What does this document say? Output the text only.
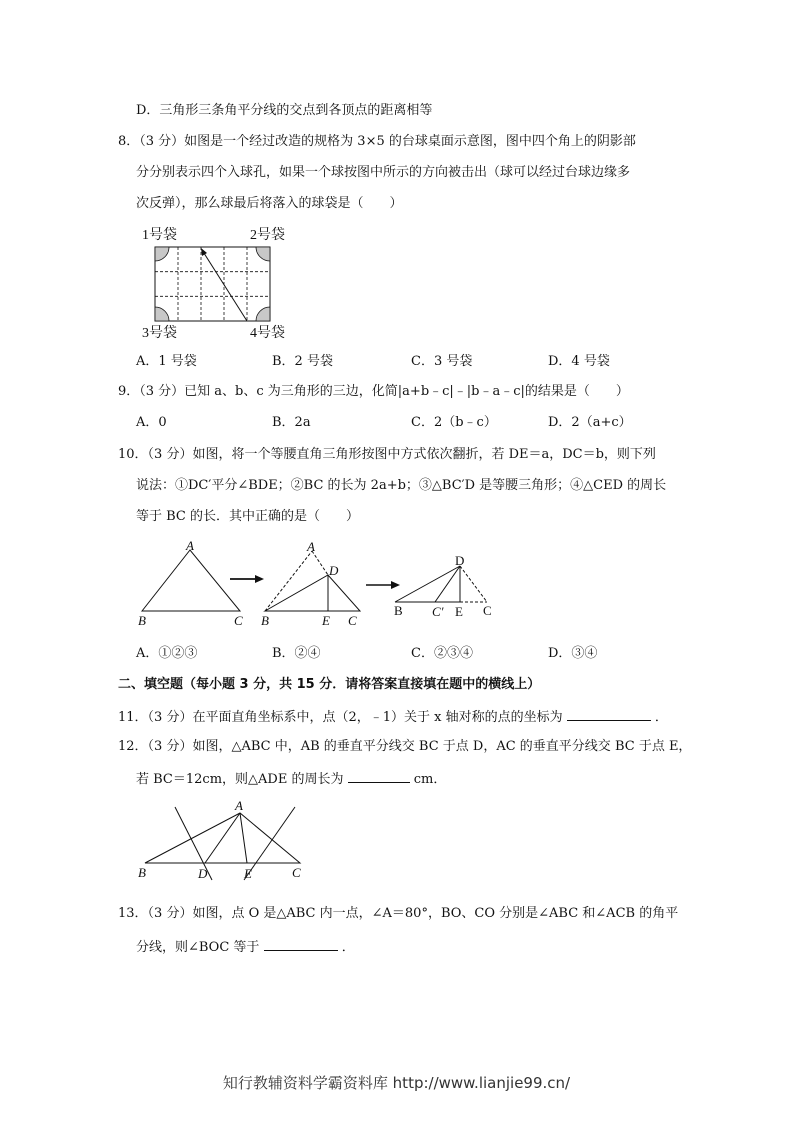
D．三角形三条角平分线的交点到各顶点的距离相等
8．（3 分）如图是一个经过改造的规格为 3×5 的台球桌面示意图，图中四个角上的阴影部
分分别表示四个入球孔，如果一个球按图中所示的方向被击出（球可以经过台球边缘多
次反弹），那么球最后将落入的球袋是（　　）
1号袋	2号袋
3号袋	4号袋
A．1 号袋	B．2 号袋	C．3 号袋	D．4 号袋
9．（3 分）已知 a、b、c 为三角形的三边，化简|a+b﹣c|﹣|b﹣a﹣c|的结果是（　　）
A．0	B．2a	C．2（b﹣c）	D．2（a+c）
10．（3 分）如图，将一个等腰直角三角形按图中方式依次翻折，若 DE＝a，DC＝b，则下列
说法：①DC′平分∠BDE；②BC 的长为 2a+b；③△BC′D 是等腰三角形；④△CED 的周长
等于 BC 的长．其中正确的是（　　）
A
B	C
A
D
B	E C
D
B C′ E C
A．①②③	B．②④	C．②③④	D．③④
二、填空题（每小题 3 分，共 15 分．请将答案直接填在题中的横线上）
11．（3 分）在平面直角坐标系中，点（2，﹣1）关于 x 轴对称的点的坐标为	．
12．（3 分）如图，△ABC 中，AB 的垂直平分线交 BC 于点 D，AC 的垂直平分线交 BC 于点 E，
若 BC＝12cm，则△ADE 的周长为	cm．
A
B	D	E	C
13．（3 分）如图，点 O 是△ABC 内一点，∠A＝80°，BO、CO 分别是∠ABC 和∠ACB 的角平
分线，则∠BOC 等于	．
知行教辅资料学霸资料库 http://www.lianjie99.cn/
